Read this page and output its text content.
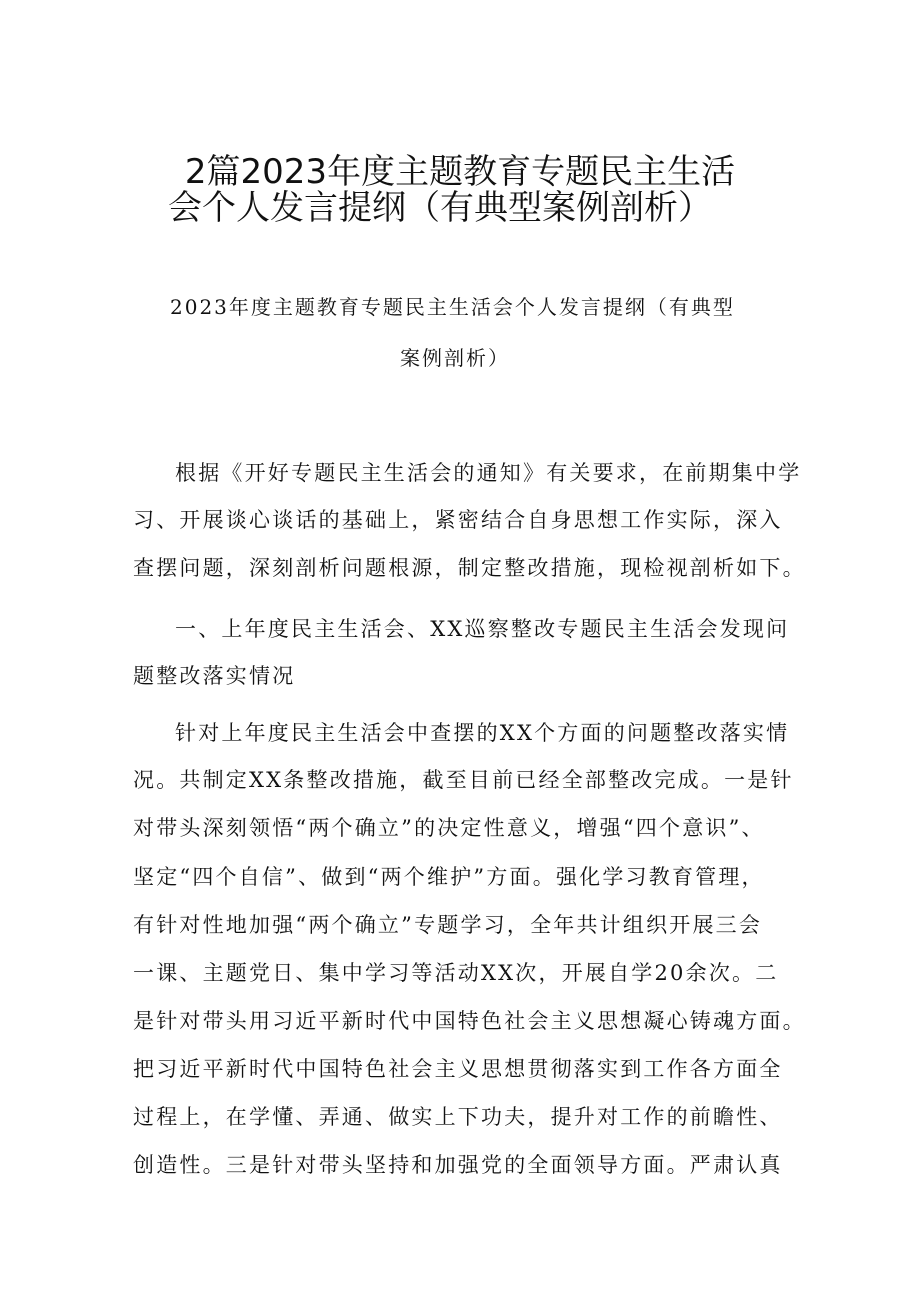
2篇2023年度主题教育专题民主生活
会个人发言提纲（有典型案例剖析）

2023年度主题教育专题民主生活会个人发言提纲（有典型

案例剖析）

根据《开好专题民主生活会的通知》有关要求，在前期集中学

习、开展谈心谈话的基础上，紧密结合自身思想工作实际，深入

查摆问题，深刻剖析问题根源，制定整改措施，现检视剖析如下。

一、上年度民主生活会、XX巡察整改专题民主生活会发现问

题整改落实情况

针对上年度民主生活会中查摆的XX个方面的问题整改落实情

况。共制定XX条整改措施，截至目前已经全部整改完成。一是针

对带头深刻领悟“两个确立”的决定性意义，增强“四个意识”、

坚定“四个自信”、做到“两个维护”方面。强化学习教育管理，

有针对性地加强“两个确立”专题学习，全年共计组织开展三会

一课、主题党日、集中学习等活动XX次，开展自学20余次。二

是针对带头用习近平新时代中国特色社会主义思想凝心铸魂方面。

把习近平新时代中国特色社会主义思想贯彻落实到工作各方面全

过程上，在学懂、弄通、做实上下功夫，提升对工作的前瞻性、

创造性。三是针对带头坚持和加强党的全面领导方面。严肃认真
